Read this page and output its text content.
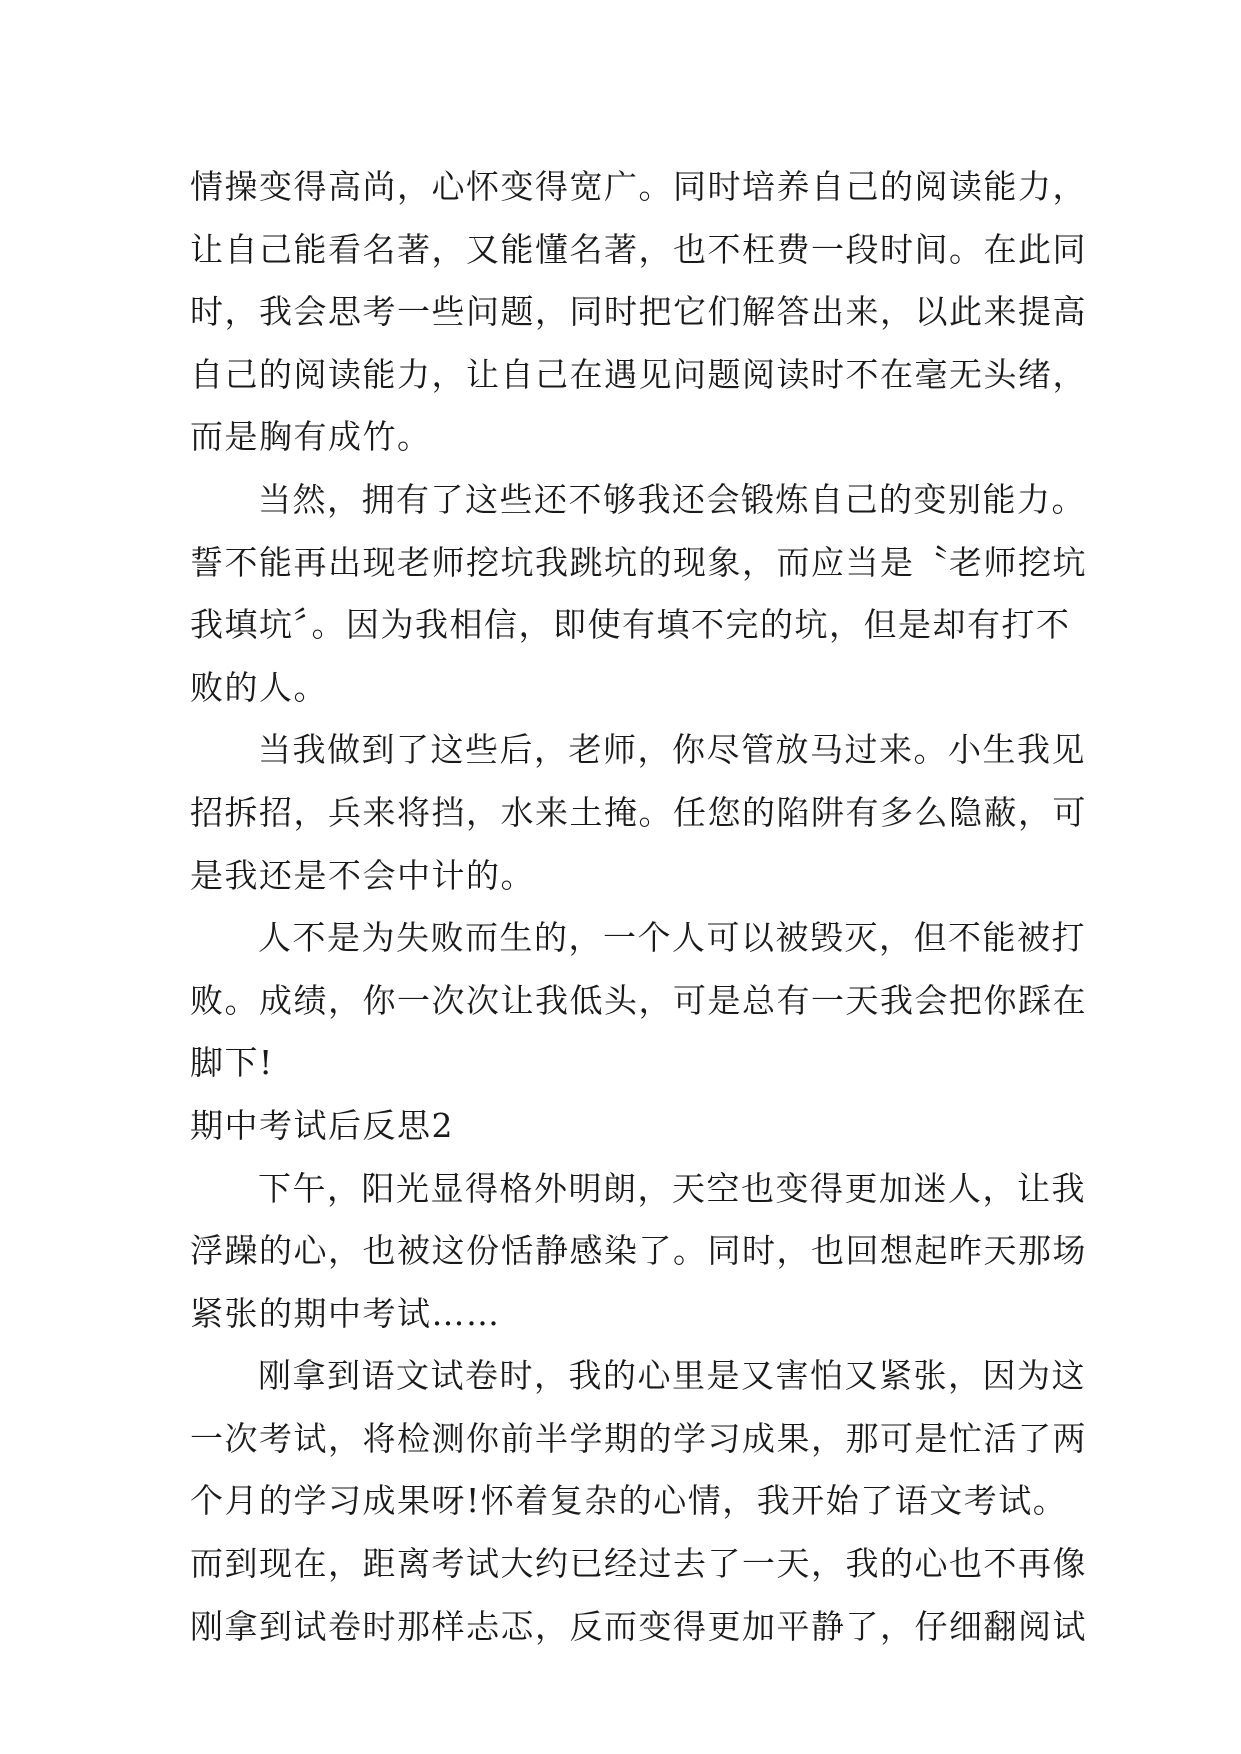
情操变得高尚，心怀变得宽广。同时培养自己的阅读能力，
让自己能看名著，又能懂名著，也不枉费一段时间。在此同
时，我会思考一些问题，同时把它们解答出来，以此来提高
自己的阅读能力，让自己在遇见问题阅读时不在毫无头绪，
而是胸有成竹。
当然，拥有了这些还不够我还会锻炼自己的变别能力。
誓不能再出现老师挖坑我跳坑的现象，而应当是〝老师挖坑
我填坑〞。因为我相信，即使有填不完的坑，但是却有打不
败的人。
当我做到了这些后，老师，你尽管放马过来。小生我见
招拆招，兵来将挡，水来土掩。任您的陷阱有多么隐蔽，可
是我还是不会中计的。
人不是为失败而生的，一个人可以被毁灭，但不能被打
败。成绩，你一次次让我低头，可是总有一天我会把你踩在
脚下!
期中考试后反思2
下午，阳光显得格外明朗，天空也变得更加迷人，让我
浮躁的心，也被这份恬静感染了。同时，也回想起昨天那场
紧张的期中考试……
刚拿到语文试卷时，我的心里是又害怕又紧张，因为这
一次考试，将检测你前半学期的学习成果，那可是忙活了两
个月的学习成果呀!怀着复杂的心情，我开始了语文考试。
而到现在，距离考试大约已经过去了一天，我的心也不再像
刚拿到试卷时那样忐忑，反而变得更加平静了，仔细翻阅试
